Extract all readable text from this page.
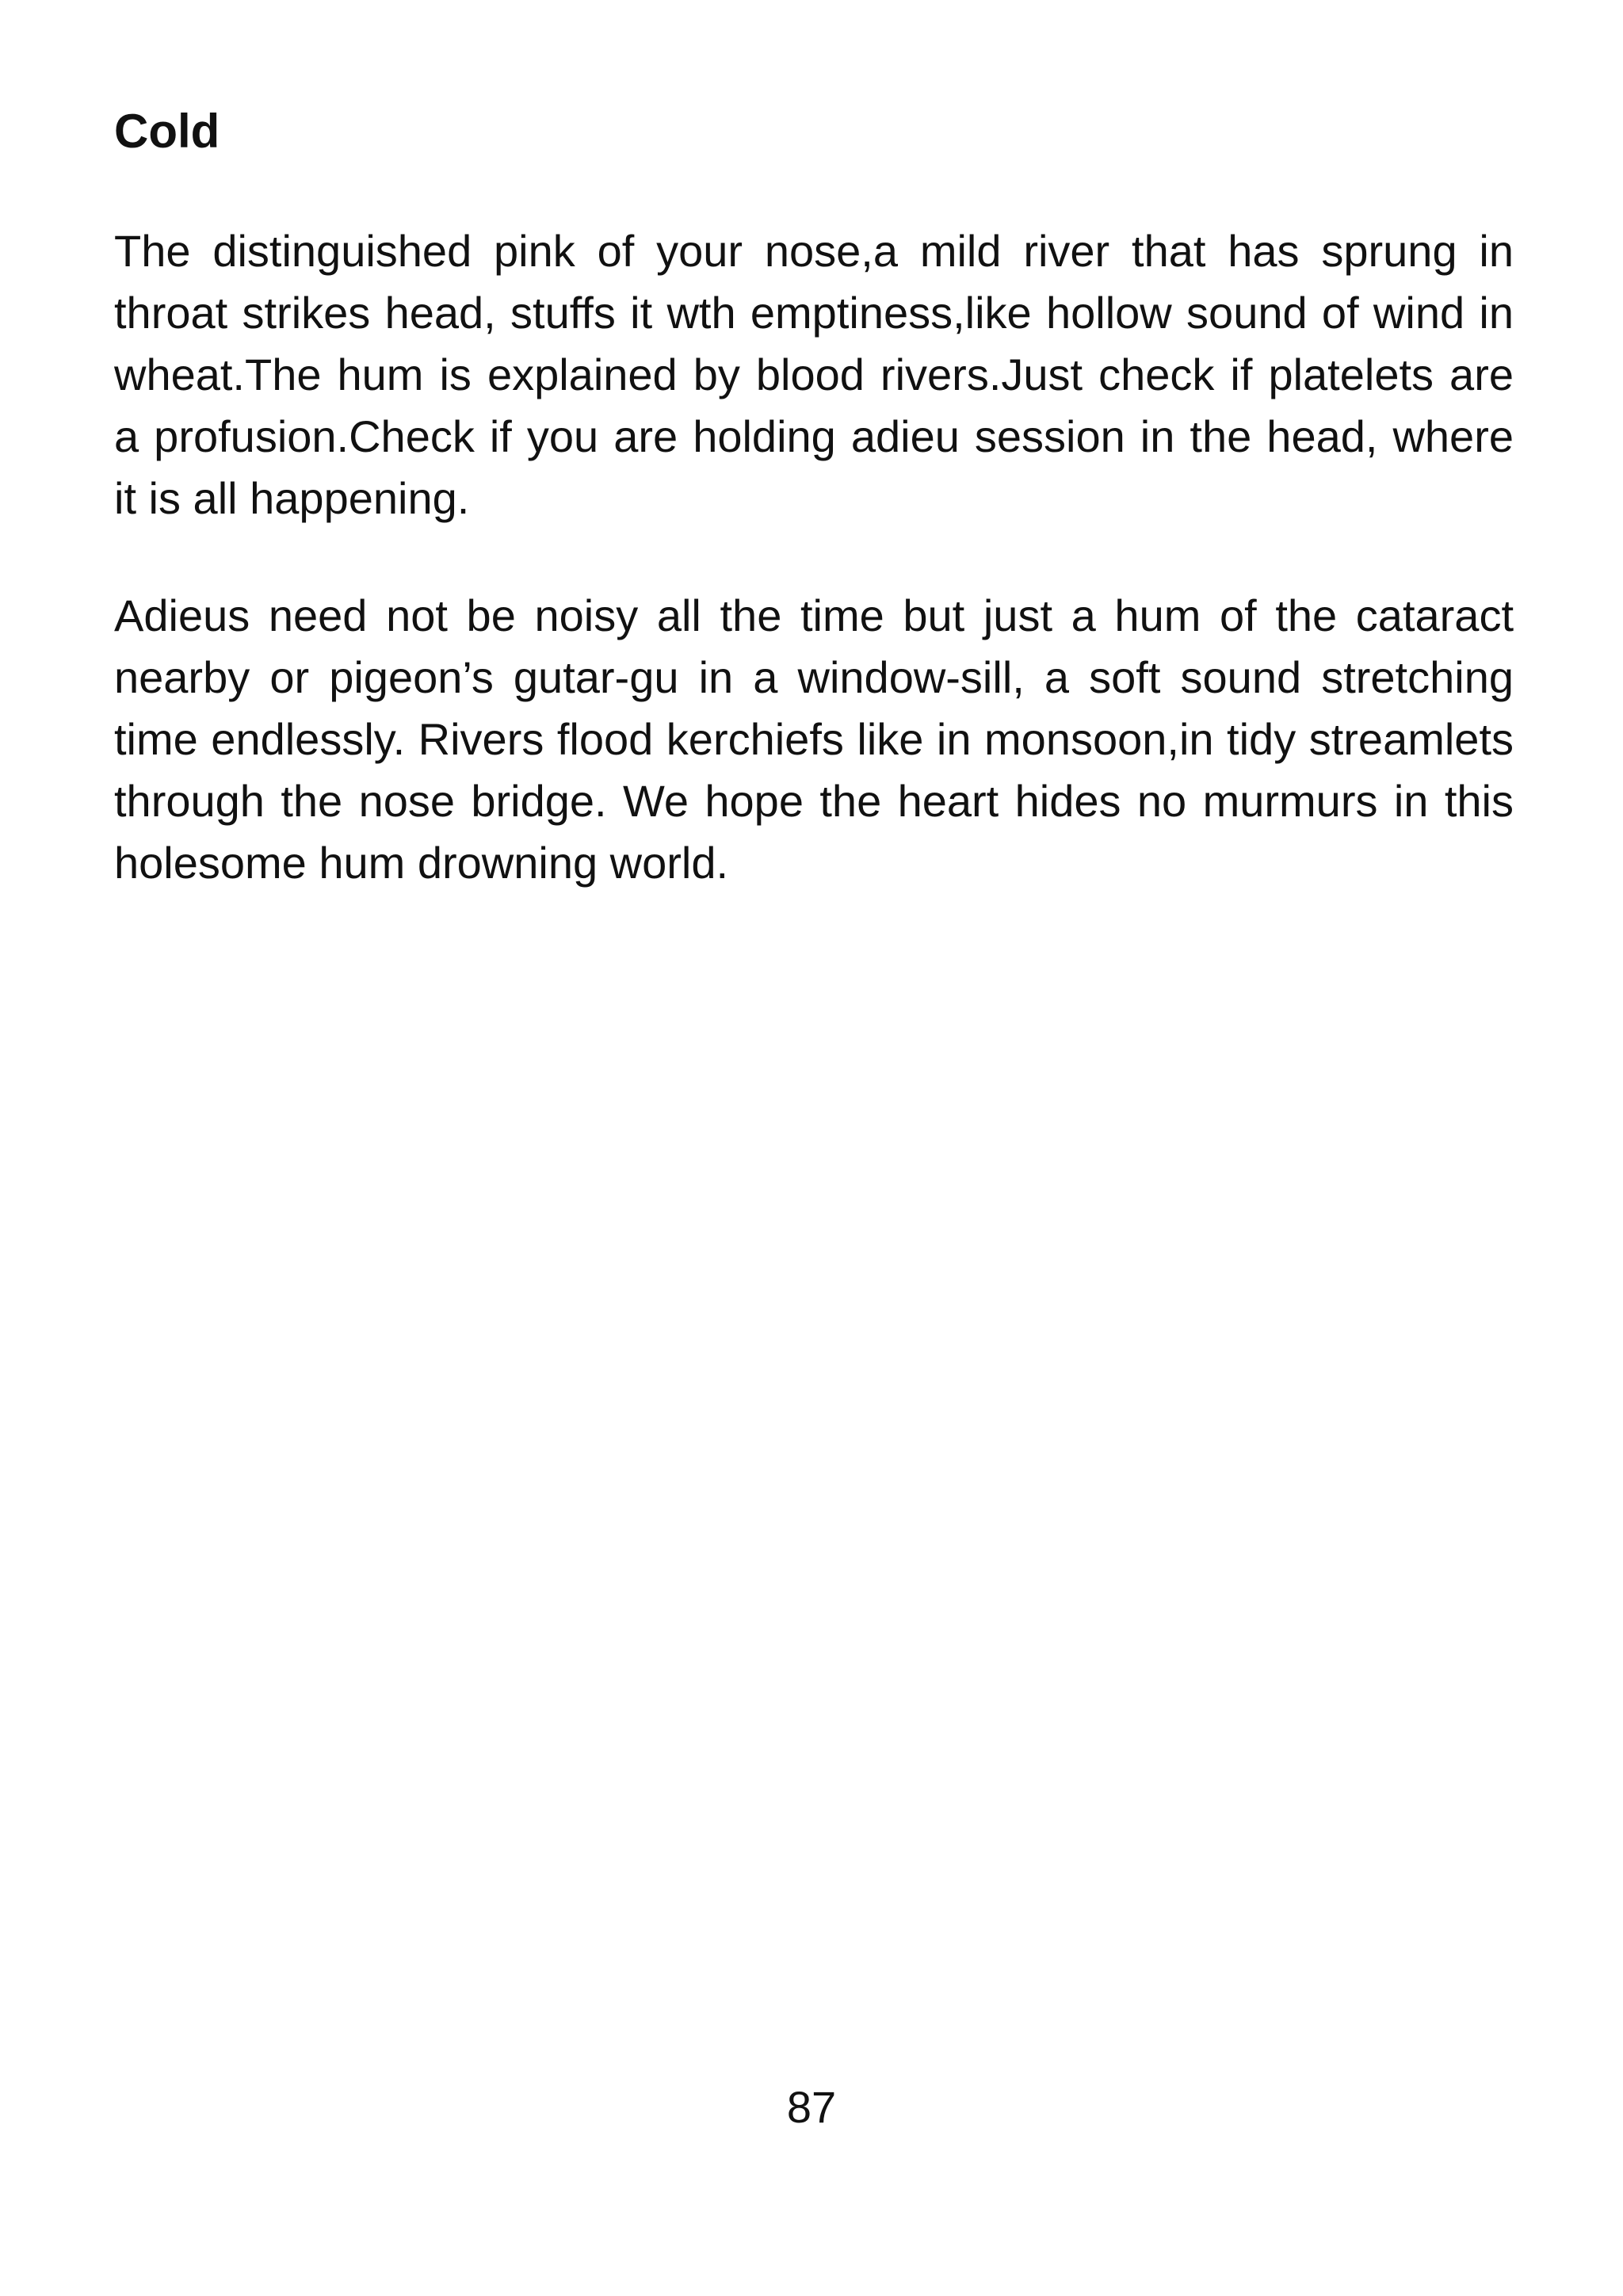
Cold

The distinguished pink of your nose,a mild river that has sprung in throat strikes head, stuffs it wth emptiness,like hollow sound of wind in wheat.The hum is explained by blood rivers.Just check if platelets are a profusion.Check if you are holding adieu session in the head, where it is all happening.

Adieus need not be noisy all the time but just a hum of the cataract nearby or pigeon’s gutar-gu in a window-sill, a soft sound stretching time endlessly. Rivers flood kerchiefs like in monsoon,in tidy streamlets through the nose bridge. We hope the heart hides no murmurs in this holesome hum drowning world.

87
